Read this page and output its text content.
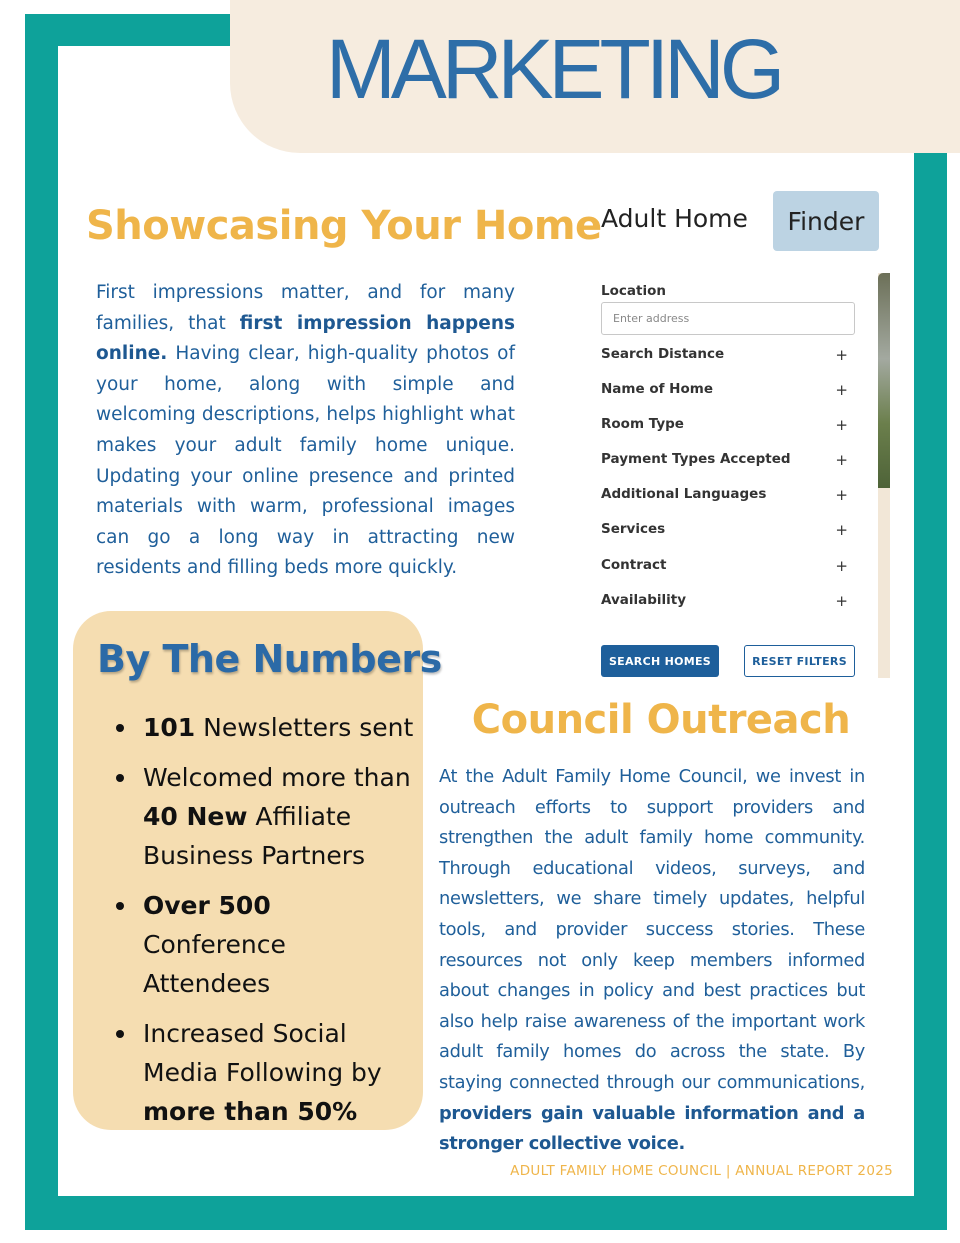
MARKETING
Showcasing Your Home

First impressions matter, and for many families, that first impression happens online. Having clear, high-quality photos of your home, along with simple and welcoming descriptions, helps highlight what makes your adult family home unique. Updating your online presence and printed materials with warm, professional images can go a long way in attracting new residents and filling beds more quickly.

Adult Home	Finder
Location
Enter address
Search Distance	+
Name of Home	+
Room Type	+
Payment Types Accepted	+
Additional Languages	+
Services	+
Contract	+
Availability	+
SEARCH HOMES	RESET FILTERS
By The Numbers
101 Newsletters sent
Welcomed more than 40 New Affiliate Business Partners
Over 500 Conference Attendees
Increased Social Media Following by more than 50%
Council Outreach

At the Adult Family Home Council, we invest in outreach efforts to support providers and strengthen the adult family home community. Through educational videos, surveys, and newsletters, we share timely updates, helpful tools, and provider success stories. These resources not only keep members informed about changes in policy and best practices but also help raise awareness of the important work adult family homes do across the state. By staying connected through our communications, providers gain valuable information and a stronger collective voice.

ADULT FAMILY HOME COUNCIL | ANNUAL REPORT 2025
